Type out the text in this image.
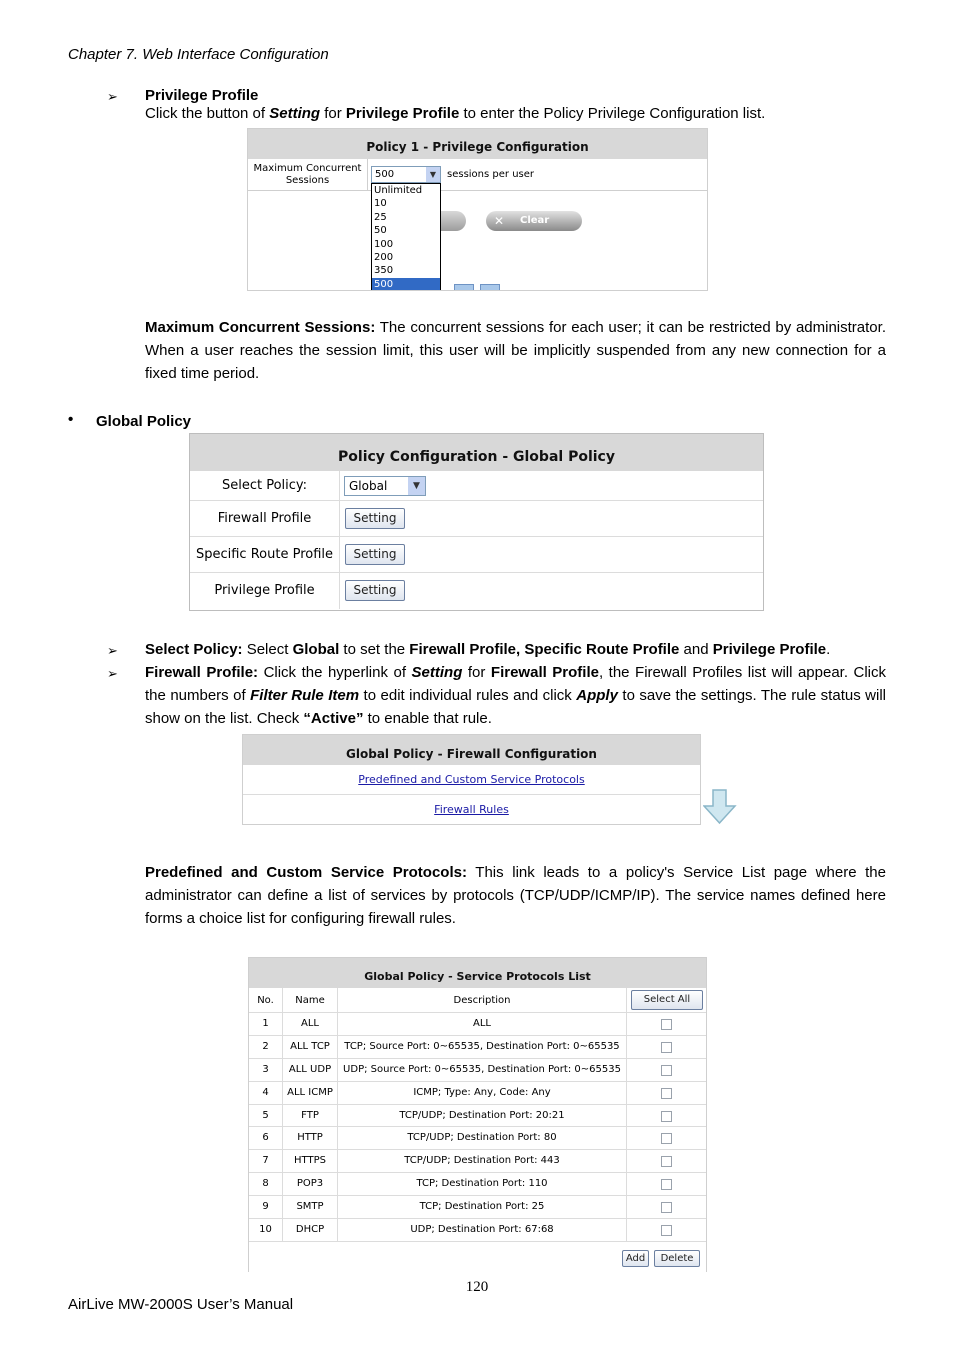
Chapter 7. Web Interface Configuration
➢ Privilege Profile
Click the button of Setting for Privilege Profile to enter the Policy Privilege Configuration list.
Policy 1 - Privilege Configuration
Maximum Concurrent Sessions
500	▼	sessions per user
✕ Clear
Unlimited
10
25
50
100
200
350
500
Maximum Concurrent Sessions: The concurrent sessions for each user; it can be restricted by administrator. When a user reaches the session limit, this user will be implicitly suspended from any new connection for a fixed time period.
• Global Policy
Policy Configuration - Global Policy
Select Policy:	Global	▼
Firewall Profile	Setting
Specific Route Profile	Setting
Privilege Profile	Setting
➢ Select Policy: Select Global to set the Firewall Profile, Specific Route Profile and Privilege Profile.
➢ Firewall Profile: Click the hyperlink of Setting for Firewall Profile, the Firewall Profiles list will appear. Click the numbers of Filter Rule Item to edit individual rules and click Apply to save the settings. The rule status will show on the list. Check “Active” to enable that rule.
Global Policy - Firewall Configuration
Predefined and Custom Service Protocols
Firewall Rules
Predefined and Custom Service Protocols: This link leads to a policy's Service List page where the administrator can define a list of services by protocols (TCP/UDP/ICMP/IP). The service names defined here forms a choice list for configuring firewall rules.
Global Policy - Service Protocols List
No.	Name	Description	Select All
1	ALL	ALL
2	ALL TCP	TCP; Source Port: 0~65535, Destination Port: 0~65535
3	ALL UDP	UDP; Source Port: 0~65535, Destination Port: 0~65535
4	ALL ICMP	ICMP; Type: Any, Code: Any
5	FTP	TCP/UDP; Destination Port: 20:21
6	HTTP	TCP/UDP; Destination Port: 80
7	HTTPS	TCP/UDP; Destination Port: 443
8	POP3	TCP; Destination Port: 110
9	SMTP	TCP; Destination Port: 25
10	DHCP	UDP; Destination Port: 67:68
Add	Delete
120
AirLive MW-2000S User’s Manual
